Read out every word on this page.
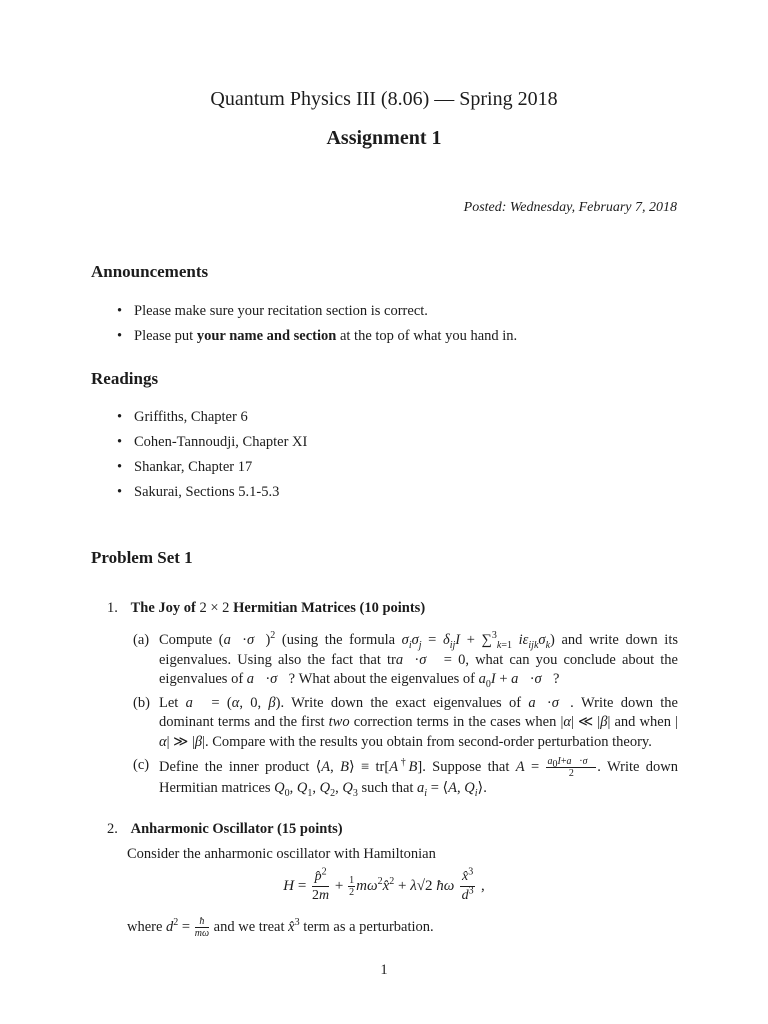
Quantum Physics III (8.06) — Spring 2018
Assignment 1
Posted: Wednesday, February 7, 2018
Announcements
• Please make sure your recitation section is correct.
• Please put your name and section at the top of what you hand in.
Readings
• Griffiths, Chapter 6
• Cohen-Tannoudji, Chapter XI
• Shankar, Chapter 17
• Sakurai, Sections 5.1-5.3
Problem Set 1
1. The Joy of 2 × 2 Hermitian Matrices (10 points)
(a) Compute (a⃗·σ⃗)$^2$ (using the formula $\sigma_i\sigma_j = \delta_{ij}I + \sum^3_{k=1}$ $i\varepsilon_{ijk}\sigma_k$) and write down its eigenvalues. Using also the fact that tra⃗·σ⃗ = 0, what can you conclude about the eigenvalues of a⃗·σ⃗? What about the eigenvalues of $a_0I$ + a⃗·σ⃗?
(b) Let a⃗ = (α, 0, β). Write down the exact eigenvalues of a⃗·σ⃗. Write down the dominant terms and the first two correction terms in the cases when |α| ≪ |β| and when |α| ≫ |β|. Compare with the results you obtain from second-order perturbation theory.
(c) Define the inner product ⟨A, B⟩ ≡ tr[A†B]. Suppose that $A = \frac{a_0I+a⃗\cdot\sigma⃗}{2}$ . Write down Hermitian matrices $Q_0$, $Q_1$, $Q_2$, $Q_3$ such that $a_i$ = ⟨A, $Q_i⟩$.
2. Anharmonic Oscillator (15 points)
Consider the anharmonic oscillator with Hamiltonian
$H = \frac{p̂^2}{2m} + \frac{1}{2}$ $m\omega^2x̂^2 + \lambda√2$ ħω $\frac{x̂^3}{d^3}$ ,
where $d^2 = \frac{ħ}{m\omega}$ and we treat x̂$^3$ term as a perturbation.
1
